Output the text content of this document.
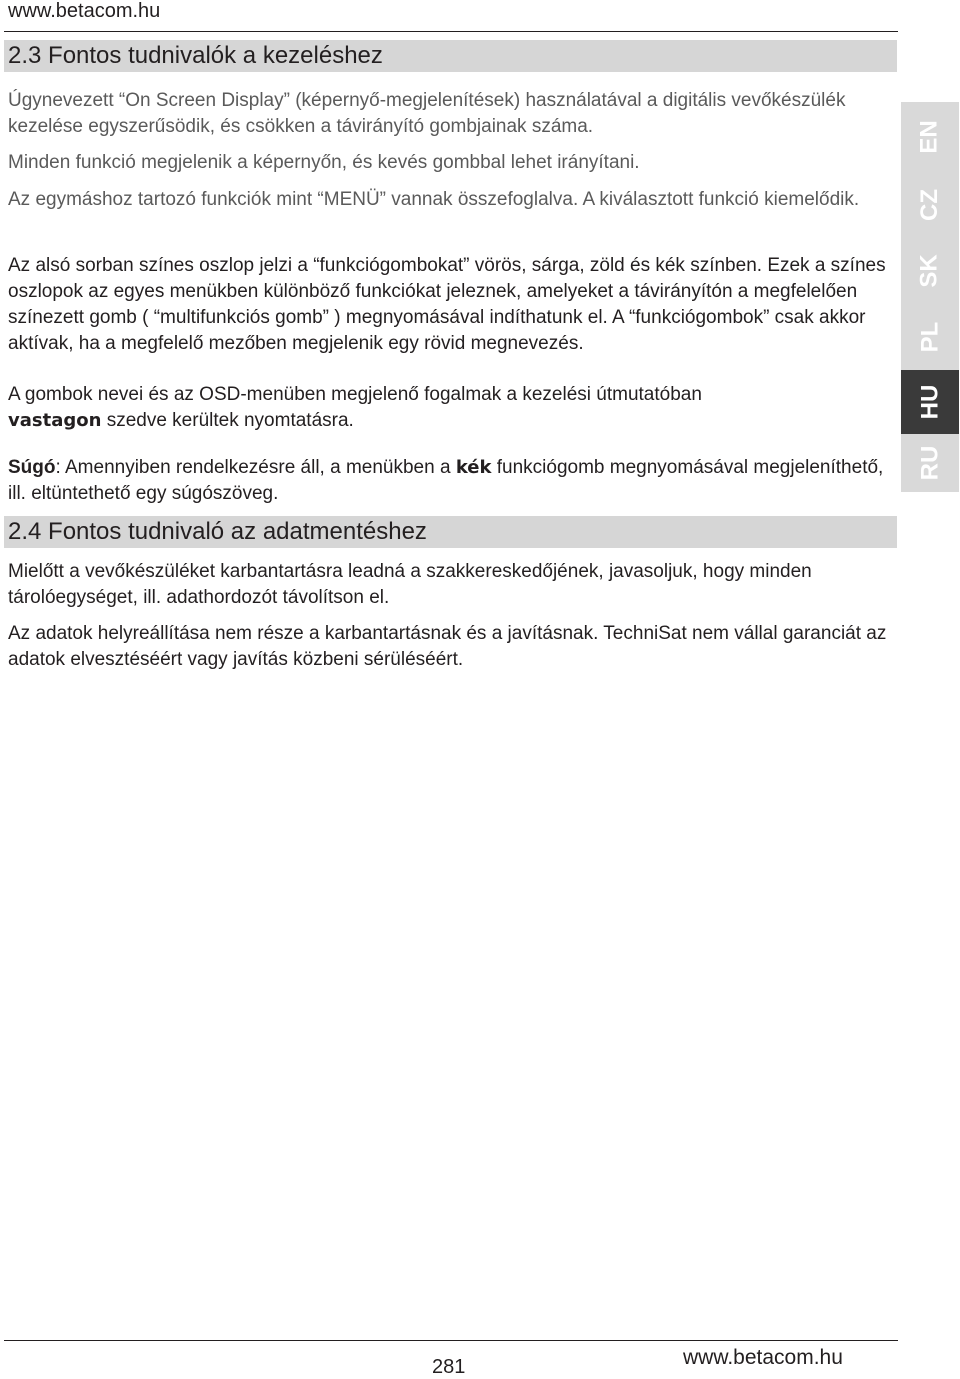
www.betacom.hu
2.3 Fontos tudnivalók a kezeléshez

Úgynevezett “On Screen Display” (képernyő-megjelenítések) használatával a digitális vevőkészülék kezelése egyszerűsödik, és csökken a távirányító gombjainak száma.

Minden funkció megjelenik a képernyőn, és kevés gombbal lehet irányítani.

Az egymáshoz tartozó funkciók mint “MENÜ” vannak összefoglalva. A kiválasztott funkció kiemelődik.

Az alsó sorban színes oszlop jelzi a “funkciógombokat” vörös, sárga, zöld és kék színben. Ezek a színes oszlopok az egyes menükben különböző funkciókat jeleznek, amelyeket a távirányítón a megfelelően színezett gomb ( “multifunkciós gomb” ) megnyomásával indíthatunk el. A “funkciógombok” csak akkor aktívak, ha a megfelelő mezőben megjelenik egy rövid megnevezés.

A gombok nevei és az OSD-menüben megjelenő fogalmak a kezelési útmutatóban
vastagon szedve kerültek nyomtatásra.

Súgó: Amennyiben rendelkezésre áll, a menükben a kék funkciógomb megnyomásával megjeleníthető, ill. eltüntethető egy súgószöveg.

2.4 Fontos tudnivaló az adatmentéshez

Mielőtt a vevőkészüléket karbantartásra leadná a szakkereskedőjének, javasoljuk, hogy minden tárolóegységet, ill. adathordozót távolítson el.

Az adatok helyreállítása nem része a karbantartásnak és a javításnak. TechniSat nem vállal garanciát az adatok elvesztéséért vagy javítás közbeni sérüléséért.

EN
CZ
SK
PL
HU
RU
281	www.betacom.hu
